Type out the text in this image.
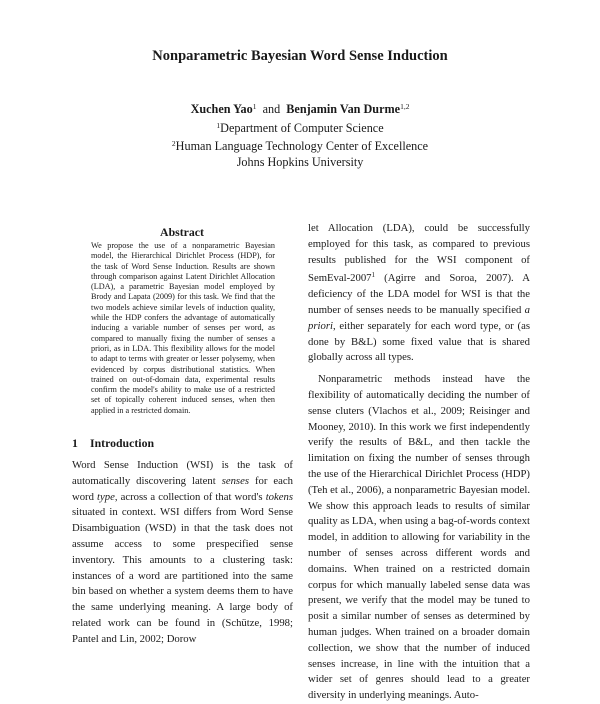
Nonparametric Bayesian Word Sense Induction
Xuchen Yao$^1$ and Benjamin Van Durme$^{1,2}$
$^1$Department of Computer Science
$^2$Human Language Technology Center of Excellence
Johns Hopkins University
Abstract
We propose the use of a nonparametric Bayesian model, the Hierarchical Dirichlet Process (HDP), for the task of Word Sense Induction. Results are shown through comparison against Latent Dirichlet Allocation (LDA), a parametric Bayesian model employed by Brody and Lapata (2009) for this task. We find that the two models achieve similar levels of induction quality, while the HDP confers the advantage of automatically inducing a variable number of senses per word, as compared to manually fixing the number of senses a priori, as in LDA. This flexibility allows for the model to adapt to terms with greater or lesser polysemy, when evidenced by corpus distributional statistics. When trained on out-of-domain data, experimental results confirm the model's ability to make use of a restricted set of topically coherent induced senses, when then applied in a restricted domain.
1 Introduction

Word Sense Induction (WSI) is the task of automatically discovering latent senses for each word type, across a collection of that word's tokens situated in context. WSI differs from Word Sense Disambiguation (WSD) in that the task does not assume access to some prespecified sense inventory. This amounts to a clustering task: instances of a word are partitioned into the same bin based on whether a system deems them to have the same underlying meaning. A large body of related work can be found in (Schütze, 1998; Pantel and Lin, 2002; Dorow

let Allocation (LDA), could be successfully employed for this task, as compared to previous results published for the WSI component of SemEval-2007$^1$ (Agirre and Soroa, 2007). A deficiency of the LDA model for WSI is that the number of senses needs to be manually specified a priori, either separately for each word type, or (as done by B&L) some fixed value that is shared globally across all types.

Nonparametric methods instead have the flexibility of automatically deciding the number of sense cluters (Vlachos et al., 2009; Reisinger and Mooney, 2010). In this work we first independently verify the results of B&L, and then tackle the limitation on fixing the number of senses through the use of the Hierarchical Dirichlet Process (HDP) (Teh et al., 2006), a nonparametric Bayesian model. We show this approach leads to results of similar quality as LDA, when using a bag-of-words context model, in addition to allowing for variability in the number of senses across different words and domains. When trained on a restricted domain corpus for which manually labeled sense data was present, we verify that the model may be tuned to posit a similar number of senses as determined by human judges. When trained on a broader domain collection, we show that the number of induced senses increase, in line with the intuition that a wider set of genres should lead to a greater diversity in underlying meanings. Auto-
